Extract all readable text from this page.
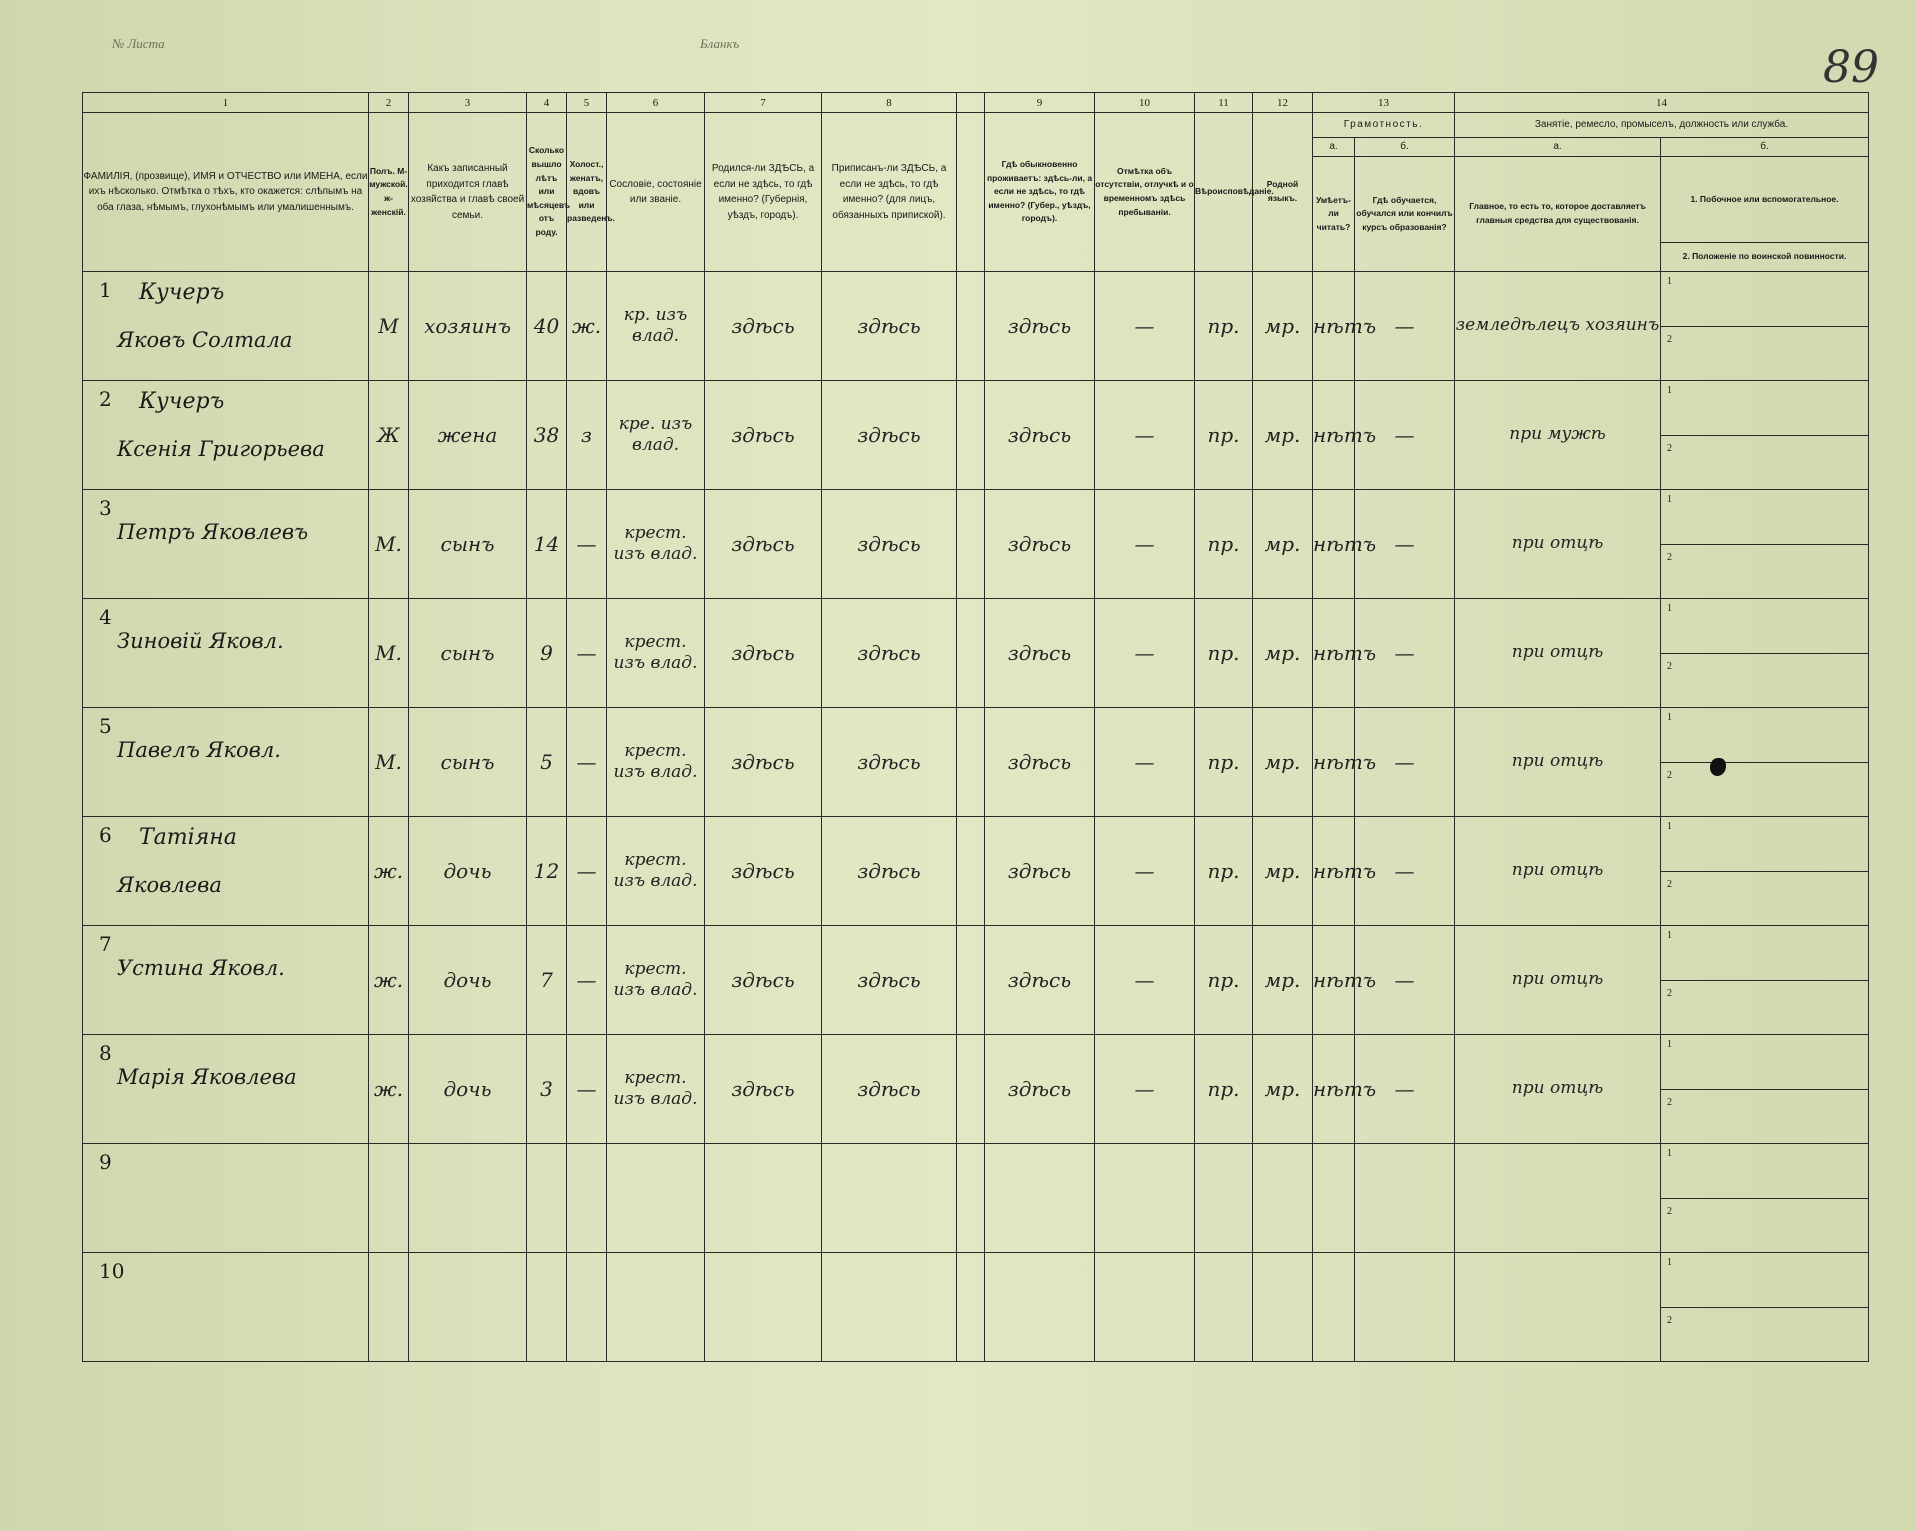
№ Листа	Бланкъ	89
1	2	3	4	5	6	7	8		9	10	11	12	13		14	
ФАМИЛІЯ, (прозвище), ИМЯ и ОТЧЕСТВО или ИМЕНА, если ихъ нѣсколько. Отмѣтка о тѣхъ, кто окажется: слѣпымъ на оба глаза, нѣмымъ, глухонѣмымъ или умалишеннымъ.	Полъ. М-мужской. ж-женскій.	Какъ записанный приходится главѣ хозяйства и главѣ своей семьи.	Сколько вышло лѣтъ или мѣсяцевъ отъ роду.	Холост., женатъ, вдовъ или разведенъ.	Сословіе, состояніе или званіе.	Родился-ли ЗДѢСЬ, а если не здѣсь, то гдѣ именно? (Губернія, уѣздъ, городъ).	Приписанъ-ли ЗДѢСЬ, а если не здѣсь, то гдѣ именно? (для лицъ, обязанныхъ припиской).		Гдѣ обыкновенно проживаетъ: здѣсь-ли, а если не здѣсь, то гдѣ именно? (Губер., уѣздъ, городъ).	Отмѣтка объ отсутствіи, отлучкѣ и о временномъ здѣсь пребываніи.	Вѣроисповѣданіе.	Родной языкъ.	Грамотность.		Занятіе, ремесло, промыселъ, должность или служба.	
													а.	б.	а.	б.
													Умѣетъ-ли читать?	Гдѣ обучается, обучался или кончилъ курсъ образованія?	Главное, то есть то, которое доставляетъ главныя средства для существованія.	1. Побочное или вспомогательное.
																2. Положеніе по воинской повинности.

1 Кучеръ
Яковъ Солтала	М	хозяинъ	40	ж.	кр. изъ влад.	здѣсь	здѣсь		здѣсь	—	пр.	мр.	нѣтъ	—	земледѣлецъ хозяинъ	1
2

2 Кучеръ
Ксенія Григорьева	Ж	жена	38	з	кре. изъ влад.	здѣсь	здѣсь		здѣсь	—	пр.	мр.	нѣтъ	—	при мужѣ	1
2

3
Петръ Яковлевъ	М.	сынъ	14	—	крест. изъ влад.	здѣсь	здѣсь		здѣсь	—	пр.	мр.	нѣтъ	—	при отцѣ	1
2

4
Зиновій Яковл.	М.	сынъ	9	—	крест. изъ влад.	здѣсь	здѣсь		здѣсь	—	пр.	мр.	нѣтъ	—	при отцѣ	1
2

5
Павелъ Яковл.	М.	сынъ	5	—	крест. изъ влад.	здѣсь	здѣсь		здѣсь	—	пр.	мр.	нѣтъ	—	при отцѣ	1
2

6 Татіяна
Яковлева	ж.	дочь	12	—	крест. изъ влад.	здѣсь	здѣсь		здѣсь	—	пр.	мр.	нѣтъ	—	при отцѣ	1
2

7
Устина Яковл.	ж.	дочь	7	—	крест. изъ влад.	здѣсь	здѣсь		здѣсь	—	пр.	мр.	нѣтъ	—	при отцѣ	1
2

8
Марія Яковлева	ж.	дочь	3	—	крест. изъ влад.	здѣсь	здѣсь		здѣсь	—	пр.	мр.	нѣтъ	—	при отцѣ	1
2

9																1
2

10																1
2
